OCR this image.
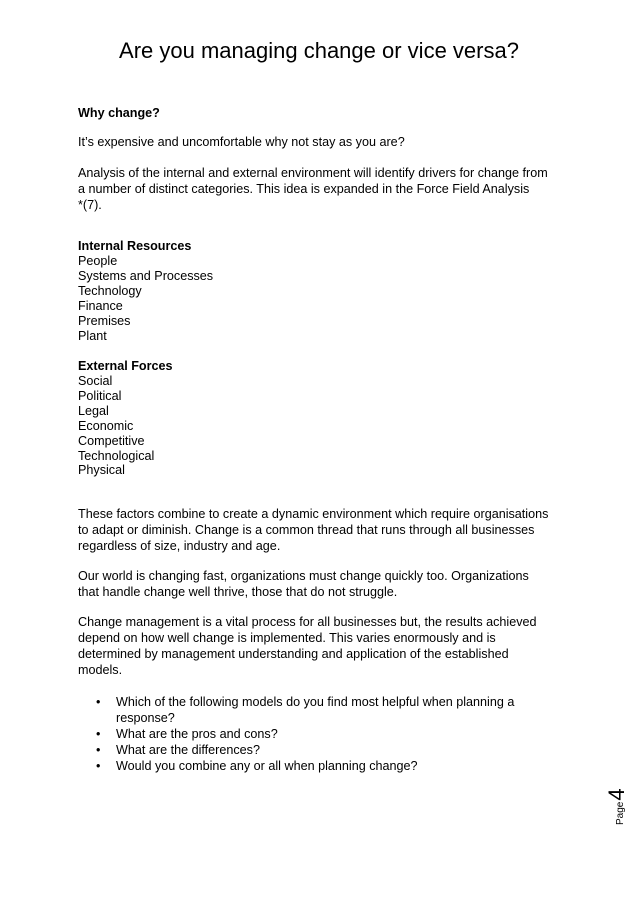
Are you managing change or vice versa?

Why change?

It’s expensive and uncomfortable why not stay as you are?

Analysis of the internal and external environment will identify drivers for change from

a number of distinct categories. This idea is expanded in the Force Field Analysis

*(7).

Internal Resources

People

Systems and Processes

Technology

Finance

Premises

Plant

External Forces

Social

Political

Legal

Economic

Competitive

Technological

Physical

These factors combine to create a dynamic environment which require organisations

to adapt or diminish. Change is a common thread that runs through all businesses

regardless of size, industry and age.

Our world is changing fast, organizations must change quickly too. Organizations

that handle change well thrive, those that do not struggle.

Change management is a vital process for all businesses but, the results achieved

depend on how well change is implemented. This varies enormously and is

determined by management understanding and application of the established

models.

• Which of the following models do you find most helpful when planning a
response?
• What are the pros and cons?
• What are the differences?
• Would you combine any or all when planning change?
Page
4
